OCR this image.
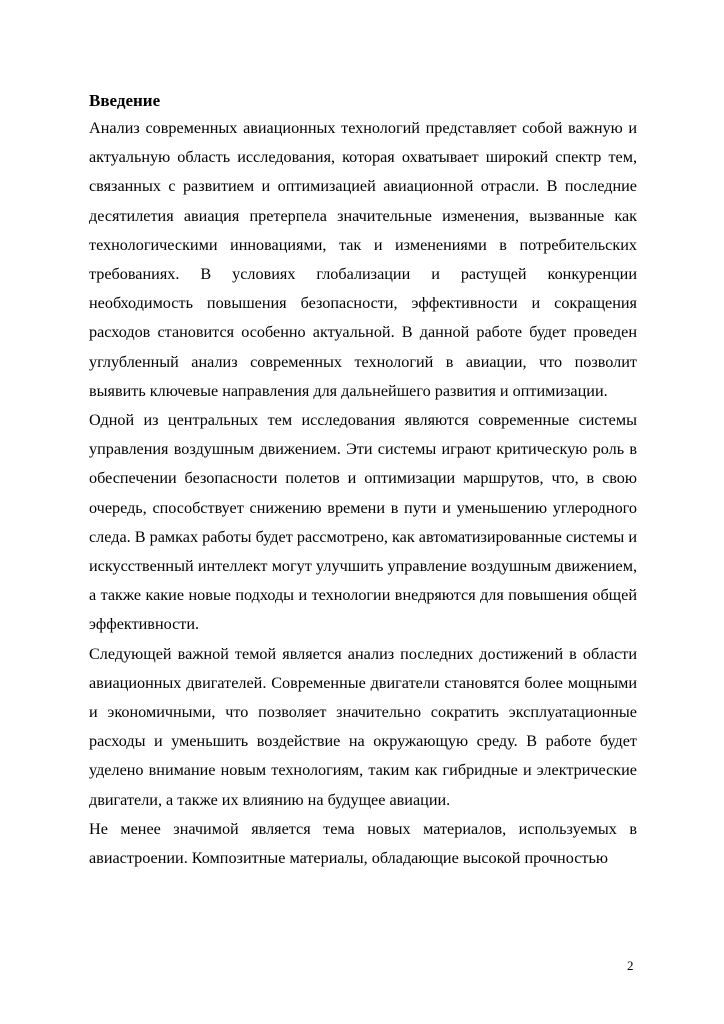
Введение

Анализ современных авиационных технологий представляет собой важную и актуальную область исследования, которая охватывает широкий спектр тем, связанных с развитием и оптимизацией авиационной отрасли. В последние десятилетия авиация претерпела значительные изменения, вызванные как технологическими инновациями, так и изменениями в потребительских требованиях. В условиях глобализации и растущей конкуренции необходимость повышения безопасности, эффективности и сокращения расходов становится особенно актуальной. В данной работе будет проведен углубленный анализ современных технологий в авиации, что позволит выявить ключевые направления для дальнейшего развития и оптимизации.

Одной из центральных тем исследования являются современные системы управления воздушным движением. Эти системы играют критическую роль в обеспечении безопасности полетов и оптимизации маршрутов, что, в свою очередь, способствует снижению времени в пути и уменьшению углеродного следа. В рамках работы будет рассмотрено, как автоматизированные системы и искусственный интеллект могут улучшить управление воздушным движением, а также какие новые подходы и технологии внедряются для повышения общей эффективности.

Следующей важной темой является анализ последних достижений в области авиационных двигателей. Современные двигатели становятся более мощными и экономичными, что позволяет значительно сократить эксплуатационные расходы и уменьшить воздействие на окружающую среду. В работе будет уделено внимание новым технологиям, таким как гибридные и электрические двигатели, а также их влиянию на будущее авиации.

Не менее значимой является тема новых материалов, используемых в авиастроении. Композитные материалы, обладающие высокой прочностью

2
